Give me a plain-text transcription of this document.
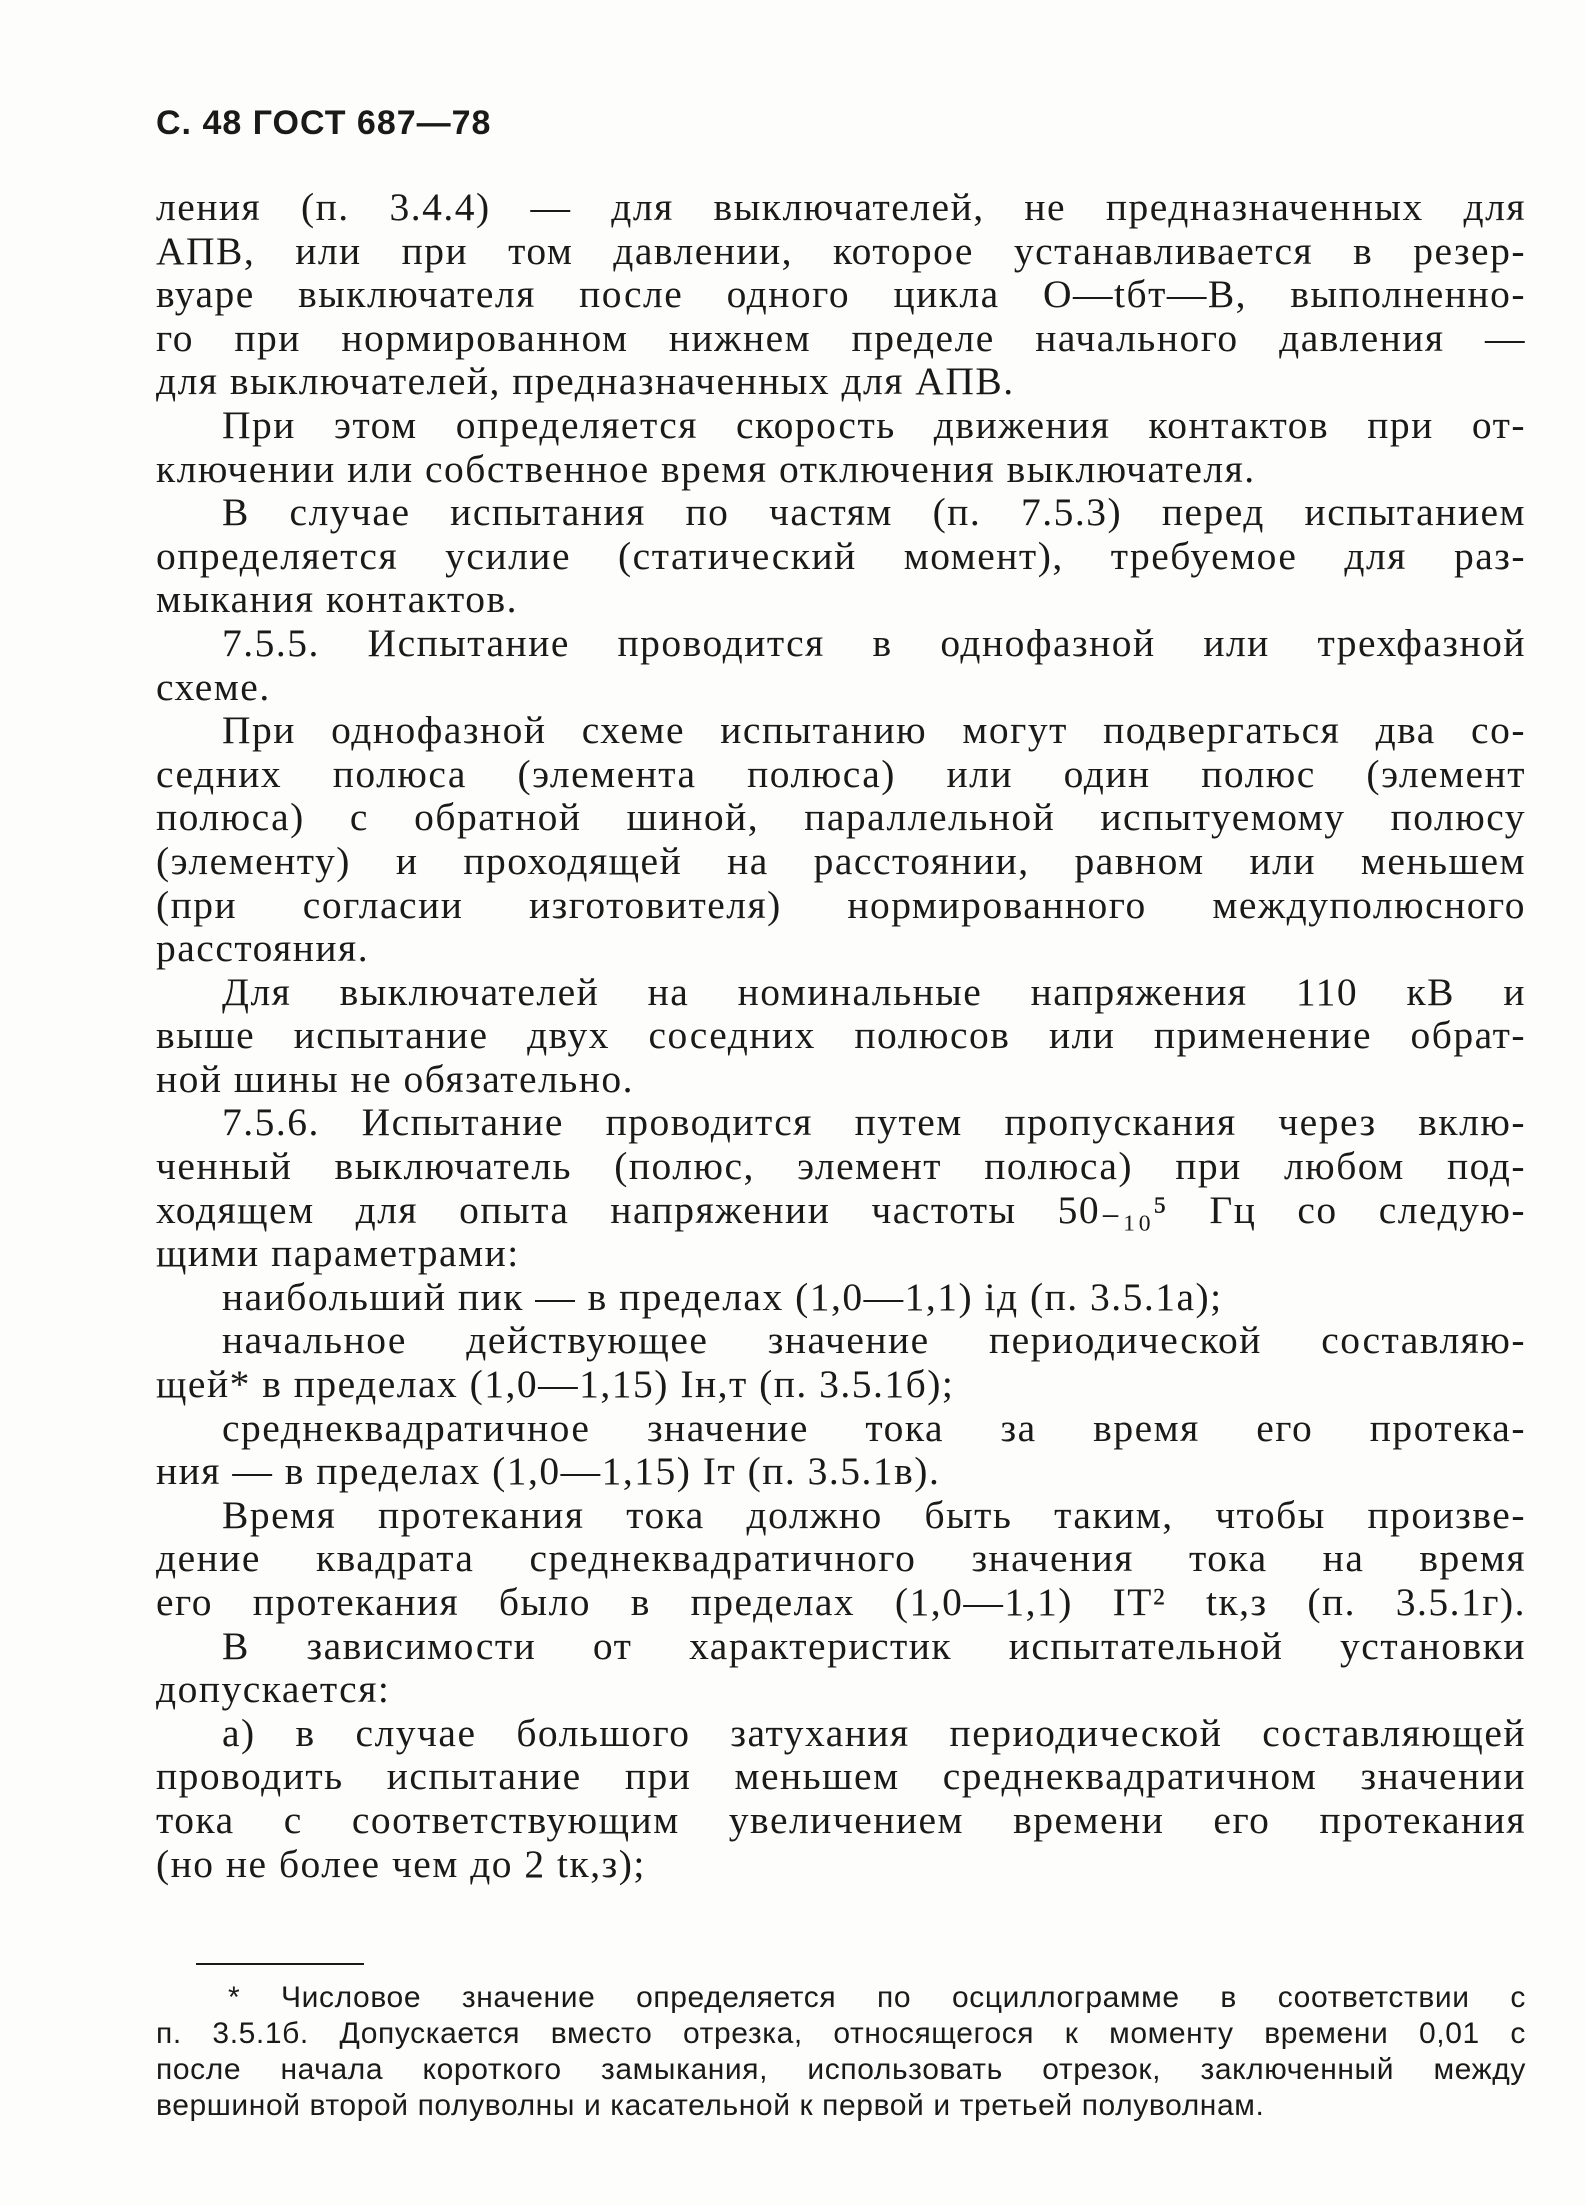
С. 48 ГОСТ 687—78
ления (п. 3.4.4) — для выключателей, не предназначенных для
АПВ, или при том давлении, которое устанавливается в резер-
вуаре выключателя после одного цикла О—tбт—В, выполненно-
го при нормированном нижнем пределе начального давления —
для выключателей, предназначенных для АПВ.
При этом определяется скорость движения контактов при от-
ключении или собственное время отключения выключателя.
В случае испытания по частям (п. 7.5.3) перед испытанием
определяется усилие (статический момент), требуемое для раз-
мыкания контактов.
7.5.5. Испытание проводится в однофазной или трехфазной
схеме.
При однофазной схеме испытанию могут подвергаться два со-
седних полюса (элемента полюса) или один полюс (элемент
полюса) с обратной шиной, параллельной испытуемому полюсу
(элементу) и проходящей на расстоянии, равном или меньшем
(при согласии изготовителя) нормированного междуполюсного
расстояния.
Для выключателей на номинальные напряжения 110 кВ и
выше испытание двух соседних полюсов или применение обрат-
ной шины не обязательно.
7.5.6. Испытание проводится путем пропускания через вклю-
ченный выключатель (полюс, элемент полюса) при любом под-
ходящем для опыта напряжении частоты 50₋₁₀⁵ Гц со следую-
щими параметрами:
наибольший пик — в пределах (1,0—1,1) iд (п. 3.5.1а);
начальное действующее значение периодической составляю-
щей* в пределах (1,0—1,15) Iн,т (п. 3.5.1б);
среднеквадратичное значение тока за время его протека-
ния — в пределах (1,0—1,15) Iт (п. 3.5.1в).
Время протекания тока должно быть таким, чтобы произве-
дение квадрата среднеквадратичного значения тока на время
его протекания было в пределах (1,0—1,1) IТ² tк,з (п. 3.5.1г).
В зависимости от характеристик испытательной установки
допускается:
а) в случае большого затухания периодической составляющей
проводить испытание при меньшем среднеквадратичном значении
тока с соответствующим увеличением времени его протекания
(но не более чем до 2 tк,з);
* Числовое значение определяется по осциллограмме в соответствии с
п. 3.5.1б. Допускается вместо отрезка, относящегося к моменту времени 0,01 с
после начала короткого замыкания, использовать отрезок, заключенный между
вершиной второй полуволны и касательной к первой и третьей полуволнам.
